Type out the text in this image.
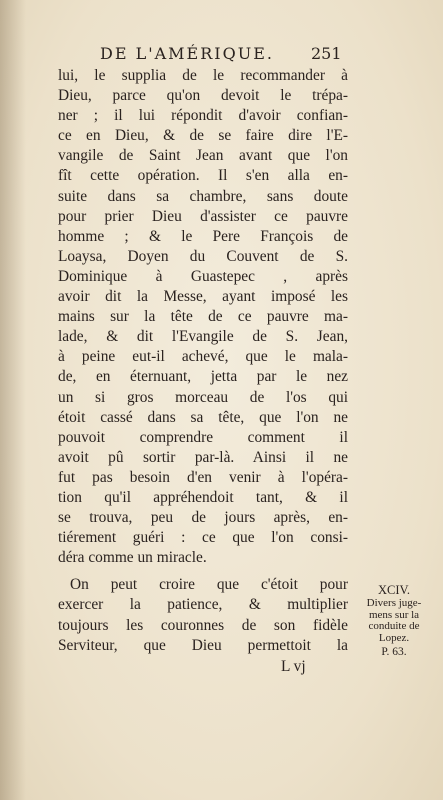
DE L'AMÉRIQUE. 251
lui, le supplia de le recommander à
Dieu, parce qu'on devoit le trépa-
ner ; il lui répondit d'avoir confian-
ce en Dieu, & de se faire dire l'E-
vangile de Saint Jean avant que l'on
fît cette opération. Il s'en alla en-
suite dans sa chambre, sans doute
pour prier Dieu d'assister ce pauvre
homme ; & le Pere François de
Loaysa, Doyen du Couvent de S.
Dominique à Guastepec , après
avoir dit la Messe, ayant imposé les
mains sur la tête de ce pauvre ma-
lade, & dit l'Evangile de S. Jean,
à peine eut-il achevé, que le mala-
de, en éternuant, jetta par le nez
un si gros morceau de l'os qui
étoit cassé dans sa tête, que l'on ne
pouvoit comprendre comment il
avoit pû sortir par-là. Ainsi il ne
fut pas besoin d'en venir à l'opéra-
tion qu'il appréhendoit tant, & il
se trouva, peu de jours après, en-
tiérement guéri : ce que l'on consi-
déra comme un miracle.
On peut croire que c'étoit pour
exercer la patience, & multiplier
toujours les couronnes de son fidèle
Serviteur, que Dieu permettoit la
L vj
XCIV.
Divers juge-
mens sur la
conduite de
Lopez.
P. 63.
